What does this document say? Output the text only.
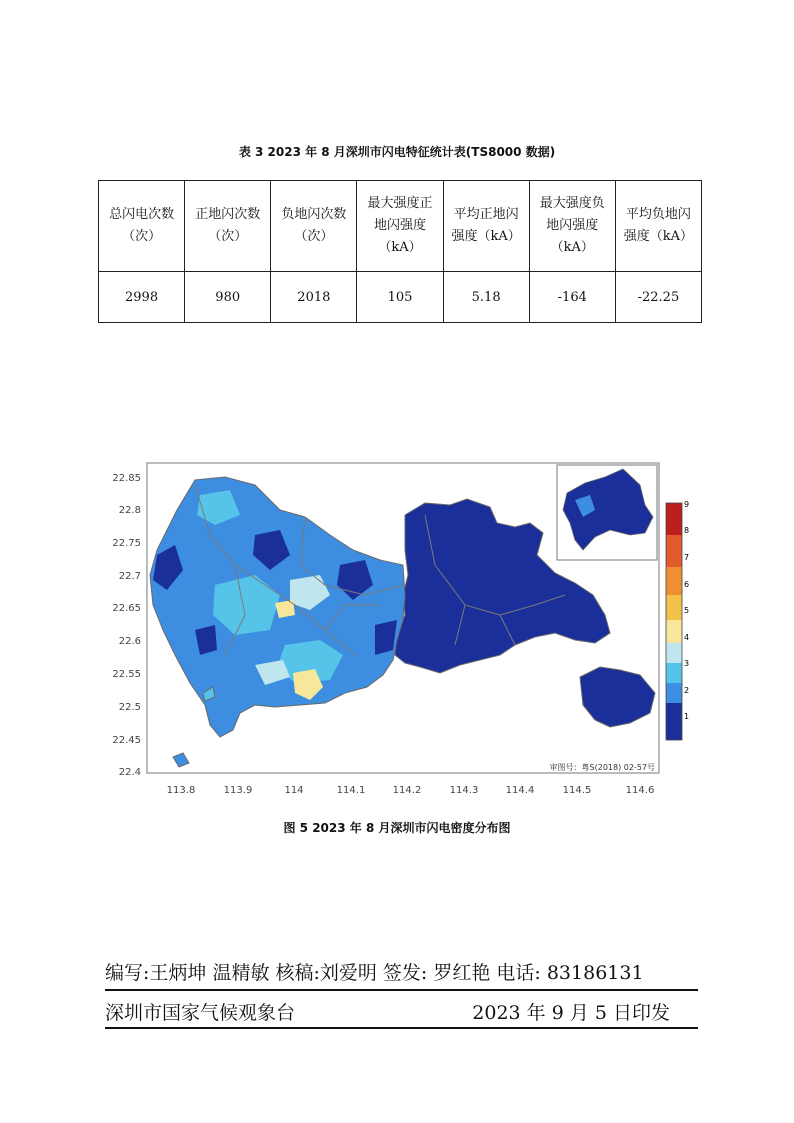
表 3 2023 年 8 月深圳市闪电特征统计表(TS8000 数据)
总闪电次数（次）	正地闪次数（次）	负地闪次数（次）	最大强度正地闪强度（kA）	平均正地闪强度（kA）	最大强度负地闪强度（kA）	平均负地闪强度（kA）
2998	980	2018	105	5.18	-164	-22.25
1
2
3
4
5
6
7
8
9
22.85
22.8
22.75
22.7
22.65
22.6
22.55
22.5
22.45
22.4
113.8	113.9	114	114.1	114.2	114.3	114.4	114.5	114.6
审图号：粤S(2018) 02-57号
图 5 2023 年 8 月深圳市闪电密度分布图
编写:王炳坤 温精敏 核稿:刘爱明 签发: 罗红艳 电话: 83186131
深圳市国家气候观象台	2023 年 9 月 5 日印发
